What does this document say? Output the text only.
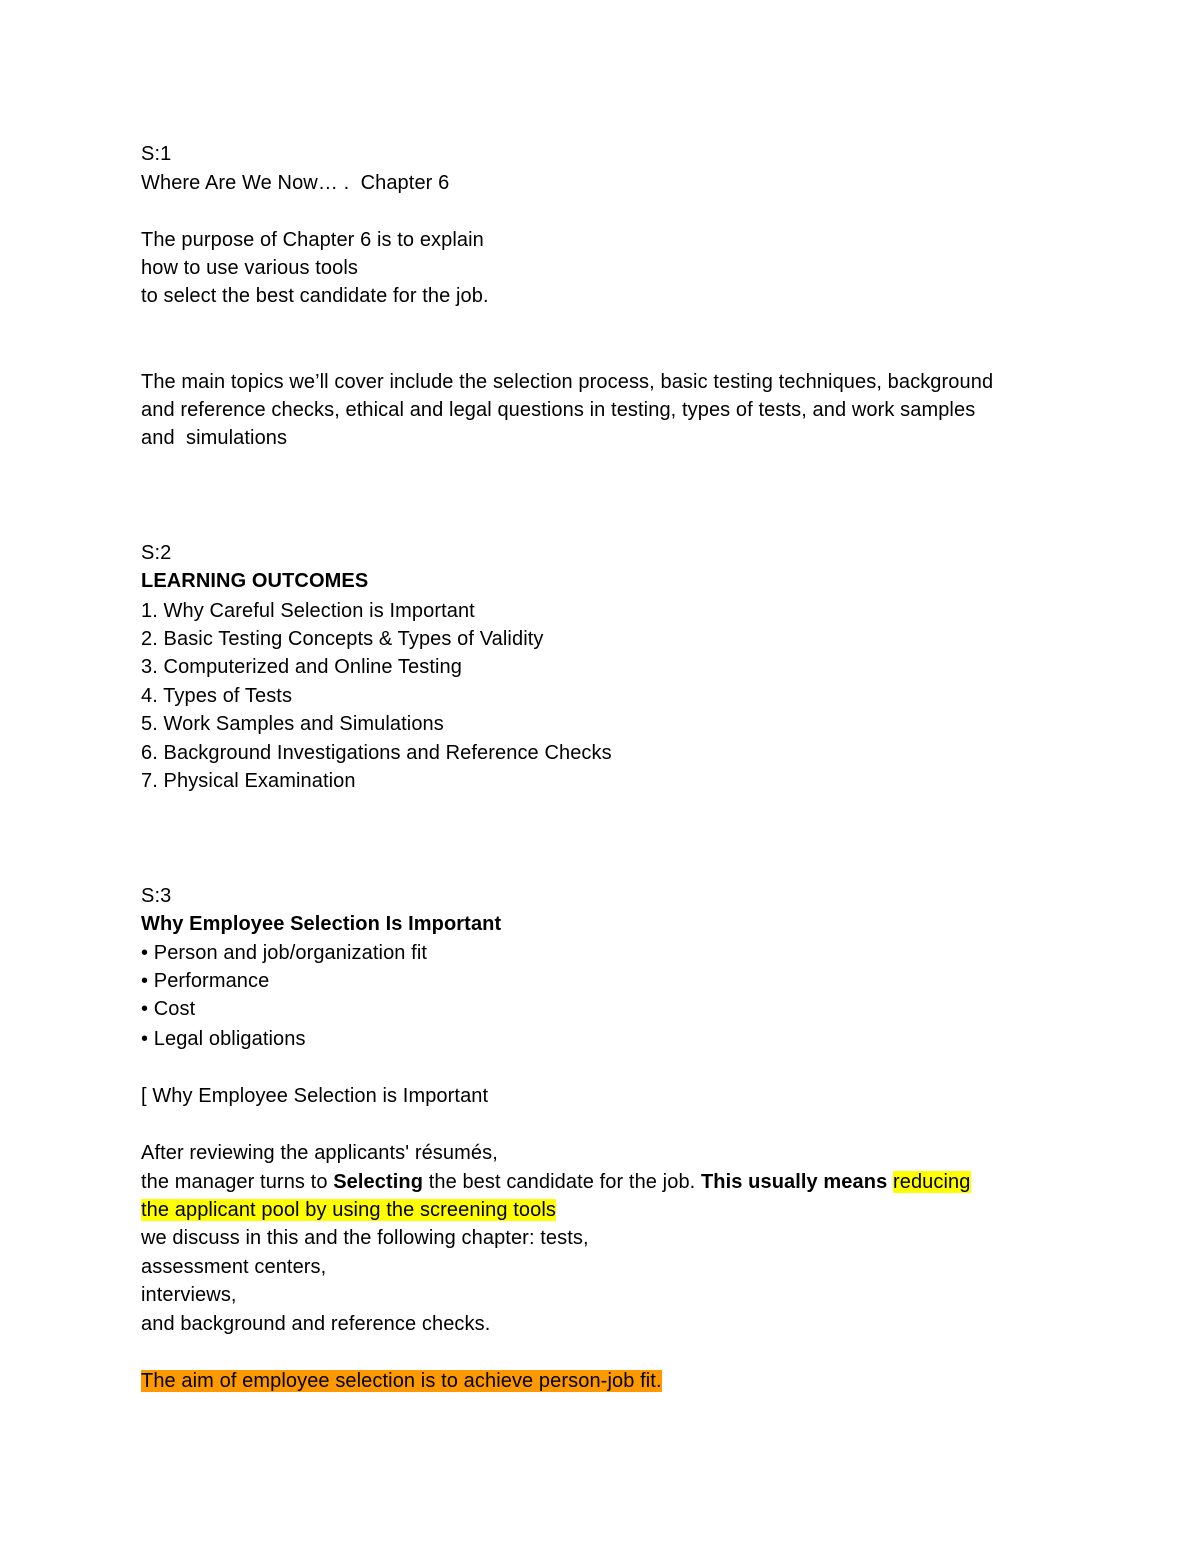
S:1
Where Are We Now… .  Chapter 6
The purpose of Chapter 6 is to explain
how to use various tools
to select the best candidate for the job.
The main topics we’ll cover include the selection process, basic testing techniques, background
and reference checks, ethical and legal questions in testing, types of tests, and work samples
and  simulations
S:2
LEARNING OUTCOMES
1. Why Careful Selection is Important
2. Basic Testing Concepts & Types of Validity
3. Computerized and Online Testing
4. Types of Tests
5. Work Samples and Simulations
6. Background Investigations and Reference Checks
7. Physical Examination
S:3
Why Employee Selection Is Important
• Person and job/organization fit
• Performance
• Cost
• Legal obligations
[ Why Employee Selection is Important
After reviewing the applicants' résumés,
the manager turns to Selecting the best candidate for the job. This usually means reducing
the applicant pool by using the screening tools
we discuss in this and the following chapter: tests,
assessment centers,
interviews,
and background and reference checks.
The aim of employee selection is to achieve person-job fit.
